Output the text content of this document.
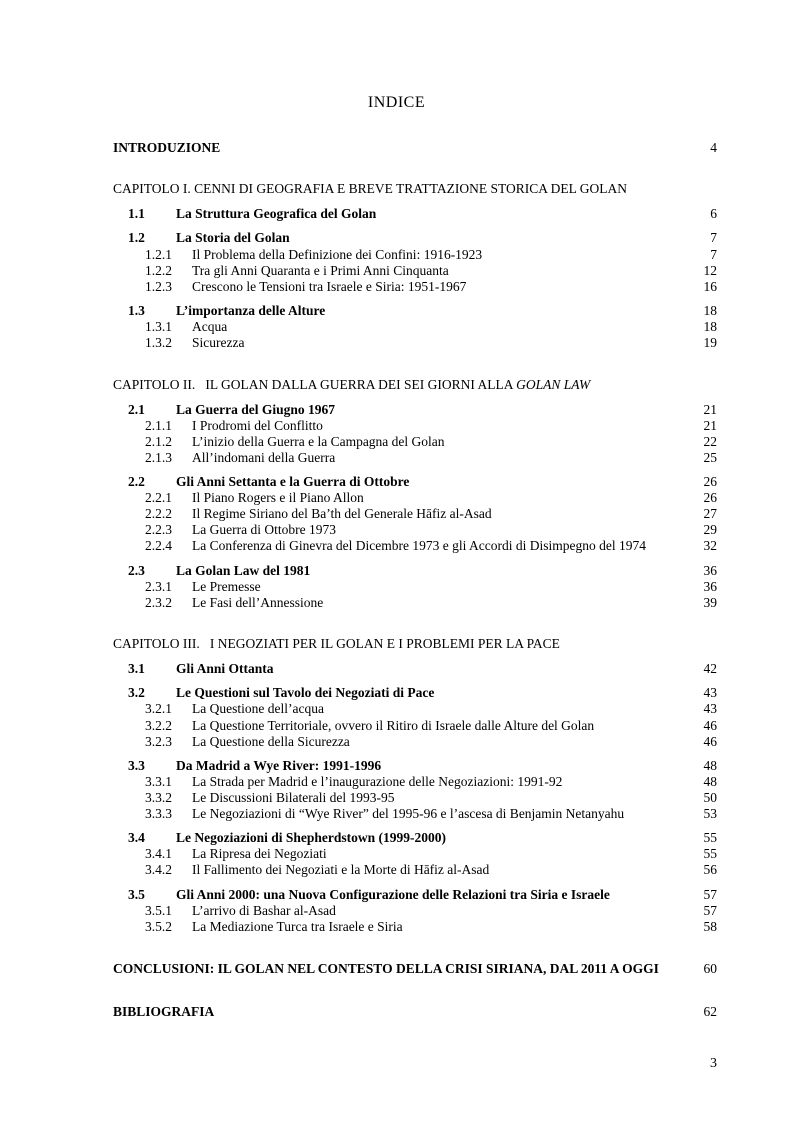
INDICE
INTRODUZIONE	4
CAPITOLO I. CENNI DI GEOGRAFIA E BREVE TRATTAZIONE STORICA DEL GOLAN
1.1 La Struttura Geografica del Golan	6
1.2 La Storia del Golan	7
1.2.1 Il Problema della Definizione dei Confini: 1916-1923	7
1.2.2 Tra gli Anni Quaranta e i Primi Anni Cinquanta	12
1.2.3 Crescono le Tensioni tra Israele e Siria: 1951-1967	16
1.3 L’importanza delle Alture	18
1.3.1 Acqua	18
1.3.2 Sicurezza	19
CAPITOLO II.   IL GOLAN DALLA GUERRA DEI SEI GIORNI ALLA GOLAN LAW
2.1 La Guerra del Giugno 1967	21
2.1.1 I Prodromi del Conflitto	21
2.1.2 L’inizio della Guerra e la Campagna del Golan	22
2.1.3 All’indomani della Guerra	25
2.2 Gli Anni Settanta e la Guerra di Ottobre	26
2.2.1 Il Piano Rogers e il Piano Allon	26
2.2.2 Il Regime Siriano del Ba’th del Generale Hāfiz al-Asad	27
2.2.3 La Guerra di Ottobre 1973	29
2.2.4 La Conferenza di Ginevra del Dicembre 1973 e gli Accordi di Disimpegno del 1974	32
2.3 La Golan Law del 1981	36
2.3.1 Le Premesse	36
2.3.2 Le Fasi dell’Annessione	39
CAPITOLO III.   I NEGOZIATI PER IL GOLAN E I PROBLEMI PER LA PACE
3.1 Gli Anni Ottanta	42
3.2 Le Questioni sul Tavolo dei Negoziati di Pace	43
3.2.1 La Questione dell’acqua	43
3.2.2 La Questione Territoriale, ovvero il Ritiro di Israele dalle Alture del Golan	46
3.2.3 La Questione della Sicurezza	46
3.3 Da Madrid a Wye River: 1991-1996	48
3.3.1 La Strada per Madrid e l’inaugurazione delle Negoziazioni: 1991-92	48
3.3.2 Le Discussioni Bilaterali del 1993-95	50
3.3.3 Le Negoziazioni di “Wye River” del 1995-96 e l’ascesa di Benjamin Netanyahu	53
3.4 Le Negoziazioni di Shepherdstown (1999-2000)	55
3.4.1 La Ripresa dei Negoziati	55
3.4.2 Il Fallimento dei Negoziati e la Morte di Hāfiz al-Asad	56
3.5 Gli Anni 2000: una Nuova Configurazione delle Relazioni tra Siria e Israele	57
3.5.1 L’arrivo di Bashar al-Asad	57
3.5.2 La Mediazione Turca tra Israele e Siria	58
CONCLUSIONI: IL GOLAN NEL CONTESTO DELLA CRISI SIRIANA, DAL 2011 A OGGI	60
BIBLIOGRAFIA	62
3
